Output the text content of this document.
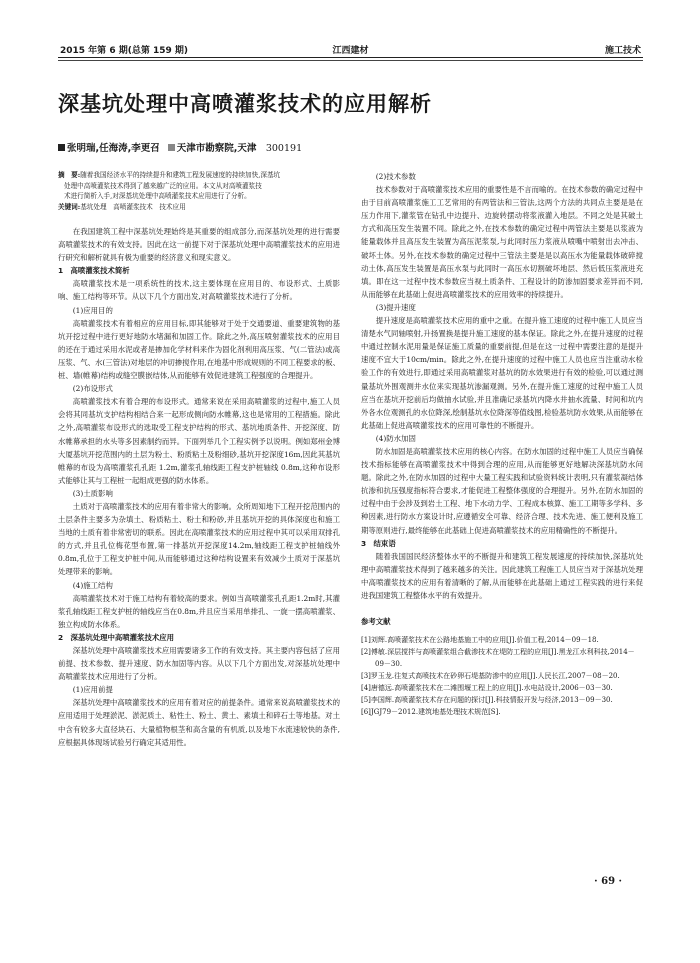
2015 年第 6 期(总第 159 期)	江西建材	施工技术
深基坑处理中高喷灌浆技术的应用解析
张明瑞,任海涛,李更召 天津市勘察院,天津　 300191
摘　要:随着我国经济水平的持续提升和建筑工程发展速度的持续加快,深基坑
处理中高喷灌浆技术得到了越来越广泛的应用。本文从对高喷灌浆技
术进行简析入手,对深基坑处理中高喷灌浆技术应用进行了分析。
关键词:基坑处理　高喷灌浆技术　技术应用

在我国建筑工程中深基坑处理始终是其重要的组成部分,而深基坑处理的进行需要高喷灌浆技术的有效支持。因此在这一前提下对于深基坑处理中高喷灌浆技术的应用进行研究和解析就具有极为重要的经济意义和现实意义。

1　高喷灌浆技术简析

高喷灌浆技术是一项系统性的技术,这主要体现在应用目的、布设形式、土质影响、施工结构等环节。从以下几个方面出发,对高喷灌浆技术进行了分析。

(1)应用目的

高喷灌浆技术有着相应的应用目标,即其能够对于处于交通要道、重要建筑物的基坑开挖过程中进行更好地防水堵漏和加固工作。除此之外,高压喷射灌浆技术的应用目的还在于通过采用水泥或者是掺加化学材料来作为固化剂利用高压浆、气(二管法)或高压浆、气、水(三管法)对地层的冲切掺搅作用,在地基中形成规则的不同工程要求的板、桩、墙(帷幕)结构或缝空膜嵌结体,从而能够有效促进建筑工程强度的合理提升。

(2)布设形式

高喷灌浆技术有着合理的布设形式。通常来说在采用高喷灌浆的过程中,施工人员会将其同基坑支护结构相结合来一起形成侧向防水帷幕,这也是常用的工程措施。除此之外,高喷灌浆布设形式的选取受工程支护结构的形式、基坑地质条件、开挖深度、防水帷幕承担的水头等多因素制约而异。下面列举几个工程实例予以说明。例如郑州金博大厦基坑开挖范围内的土层为粉土、粉质粘土及粉细砂,基坑开挖深度16m,因此其基坑帷幕的布设为高喷灌浆孔孔距 1.2m,灌浆孔轴线距工程支护桩轴线 0.8m,这种布设形式能够让其与工程桩一起组成更强的防水体系。

(3)土质影响

土质对于高喷灌浆技术的应用有着非常大的影响。众所周知地下工程开挖范围内的土层条件主要多为杂填土、粉质粘土、粉土和粉砂,并且基坑开挖的具体深度也和施工当地的土质有着非常密切的联系。因此在高喷灌浆技术的应用过程中其可以采用双排孔的方式,并且孔位梅花型布置,第一排基坑开挖深度14.2m,轴线距工程支护桩轴线外0.8m,孔位于工程支护桩中间,从而能够通过这种结构设置来有效减少土质对于深基坑处理带来的影响。

(4)施工结构

高喷灌浆技术对于施工结构有着较高的要求。例如当高喷灌浆孔孔距1.2m时,其灌浆孔轴线距工程支护桩的轴线应当在0.8m,并且应当采用单排孔、一旋一摆高喷灌浆、独立构成防水体系。

2　深基坑处理中高喷灌浆技术应用

深基坑处理中高喷灌浆技术应用需要诸多工作的有效支持。其主要内容包括了应用前提、技术参数、提升速度、防水加固等内容。从以下几个方面出发,对深基坑处理中高喷灌浆技术应用进行了分析。

(1)应用前提

深基坑处理中高喷灌浆技术的应用有着对应的前提条件。通常来说高喷灌浆技术的应用适用于处理淤泥、淤泥质土、粘性土、粉土、黄土、素填土和碎石土等地基。对土中含有较多大直径块石、大量植物根茎和高含量的有机质,以及地下水流速较快的条件,应根据具体现场试验另行确定其适用性。

(2)技术参数

技术参数对于高喷灌浆技术应用的重要性是不言而喻的。在技术参数的确定过程中由于目前高喷灌浆施工工艺常用的有两管法和三管法,这两个方法的共同点主要是是在压力作用下,灌浆管在钻孔中边提升、边旋转摆动将浆液灌入地层。不同之处是其破土方式和高压发生装置不同。除此之外,在技术参数的确定过程中两管法主要是以浆液为能量载体并且高压发生装置为高压泥浆泵,与此同时压力浆液从喷嘴中喷射出去冲击、破坏土体。另外,在技术参数的确定过程中三管法主要是是以高压水为能量载体破碎搅动土体,高压发生装置是高压水泵与此同时一高压水切割破坏地层、然后低压浆液进充填。即在这一过程中技术参数应当视土质条件、工程设计的防渗加固要求差异而不同,从而能够在此基础上促进高喷灌浆技术的应用效率的持续提升。

(3)提升速度

提升速度是高喷灌浆技术应用的重中之重。在提升施工速度的过程中施工人员应当清楚水气同轴喷射,升扬置换是提升施工速度的基本保证。除此之外,在提升速度的过程中通过控制水泥用量是保证施工质量的重要前提,但是在这一过程中需要注意的是提升速度不宜大于10cm/min。除此之外,在提升速度的过程中施工人员也应当注重动水检验工作的有效进行,即通过采用高喷灌浆对基坑的防水效果进行有效的检验,可以通过测量基坑外围观测井水位来实现基坑渗漏观测。另外,在提升施工速度的过程中施工人员应当在基坑开挖前后均做抽水试验,并且准确记录基坑内降水井抽水流量、时间和坑内外各水位观测孔的水位降深,绘制基坑水位降深等值线图,检验基坑防水效果,从而能够在此基础上促进高喷灌浆技术的应用可靠性的不断提升。

(4)防水加固

防水加固是高喷灌浆技术应用的核心内容。在防水加固的过程中施工人员应当确保技术指标能够在高喷灌浆技术中得到合理的应用,从而能够更好地解决深基坑防水问题。除此之外,在防水加固的过程中大量工程实践和试验资料统计表明,只有灌浆凝结体抗渗和抗压强度指标符合要求,才能促进工程整体强度的合理提升。另外,在防水加固的过程中由于会涉及到岩土工程、地下水动力学、工程成本核算、施工工期等多学科、多种因素,进行防水方案设计时,应遵循安全可靠、经济合理、技术先进、施工便利及施工期等原则进行,最终能够在此基础上促进高喷灌浆技术的应用精确性的不断提升。

3　结束语

随着我国国民经济整体水平的不断提升和建筑工程发展速度的持续加快,深基坑处理中高喷灌浆技术得到了越来越多的关注。因此建筑工程施工人员应当对于深基坑处理中高喷灌浆技术的应用有着清晰的了解,从而能够在此基础上通过工程实践的进行来促进我国建筑工程整体水平的有效提升。

参考文献
[1]刘辉.高喷灌浆技术在公路地基施工中的应用[J].价值工程,2014－09－18.
[2]傅敏.深层搅拌与高喷灌浆组合截渗技术在堤防工程的应用[J].黑龙江水利科技,2014－09－30.
[3]罗玉龙.往复式高喷技术在砂卵石堤基防渗中的应用[J].人民长江,2007－08－20.
[4]唐德远.高喷灌浆技术在二滩围堰工程上的应用[J].水电站设计,2006－03－30.
[5]李国辉.高喷灌浆技术存在问题的探讨[J].科技情报开发与经济,2013－09－30.
[6]JGJ79－2012.建筑地基处理技术规范[S].
· 69 ·
